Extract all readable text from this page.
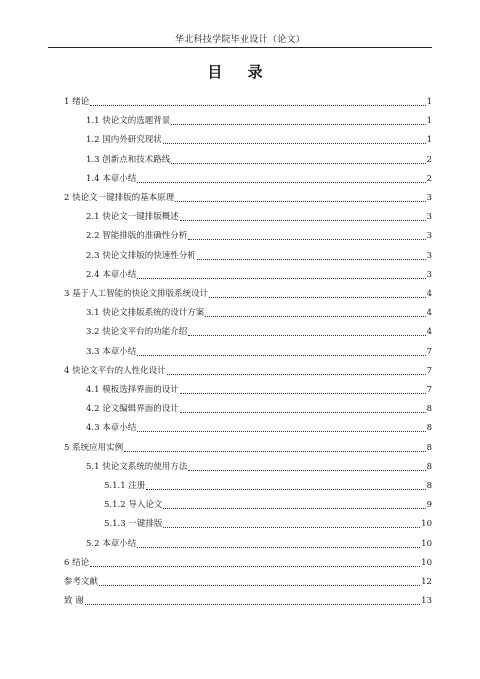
华北科技学院毕业设计（论文）
目 录
1 绪论	1
1.1 快论文的选题背景	1
1.2 国内外研究现状	1
1.3 创新点和技术路线	2
1.4 本章小结	2
2 快论文一键排版的基本原理	3
2.1 快论文一键排版概述	3
2.2 智能排版的准确性分析	3
2.3 快论文排版的快速性分析	3
2.4 本章小结	3
3 基于人工智能的快论文排版系统设计	4
3.1 快论文排版系统的设计方案	4
3.2 快论文平台的功能介绍	4
3.3 本章小结	7
4 快论文平台的人性化设计	7
4.1 模板选择界面的设计	7
4.2 论文编辑界面的设计	8
4.3 本章小结	8
5 系统应用实例	8
5.1 快论文系统的使用方法	8
5.1.1 注册	8
5.1.2 导入论文	9
5.1.3 一键排版	10
5.2 本章小结	10
6 结论	10
参考文献	12
致 谢	13
